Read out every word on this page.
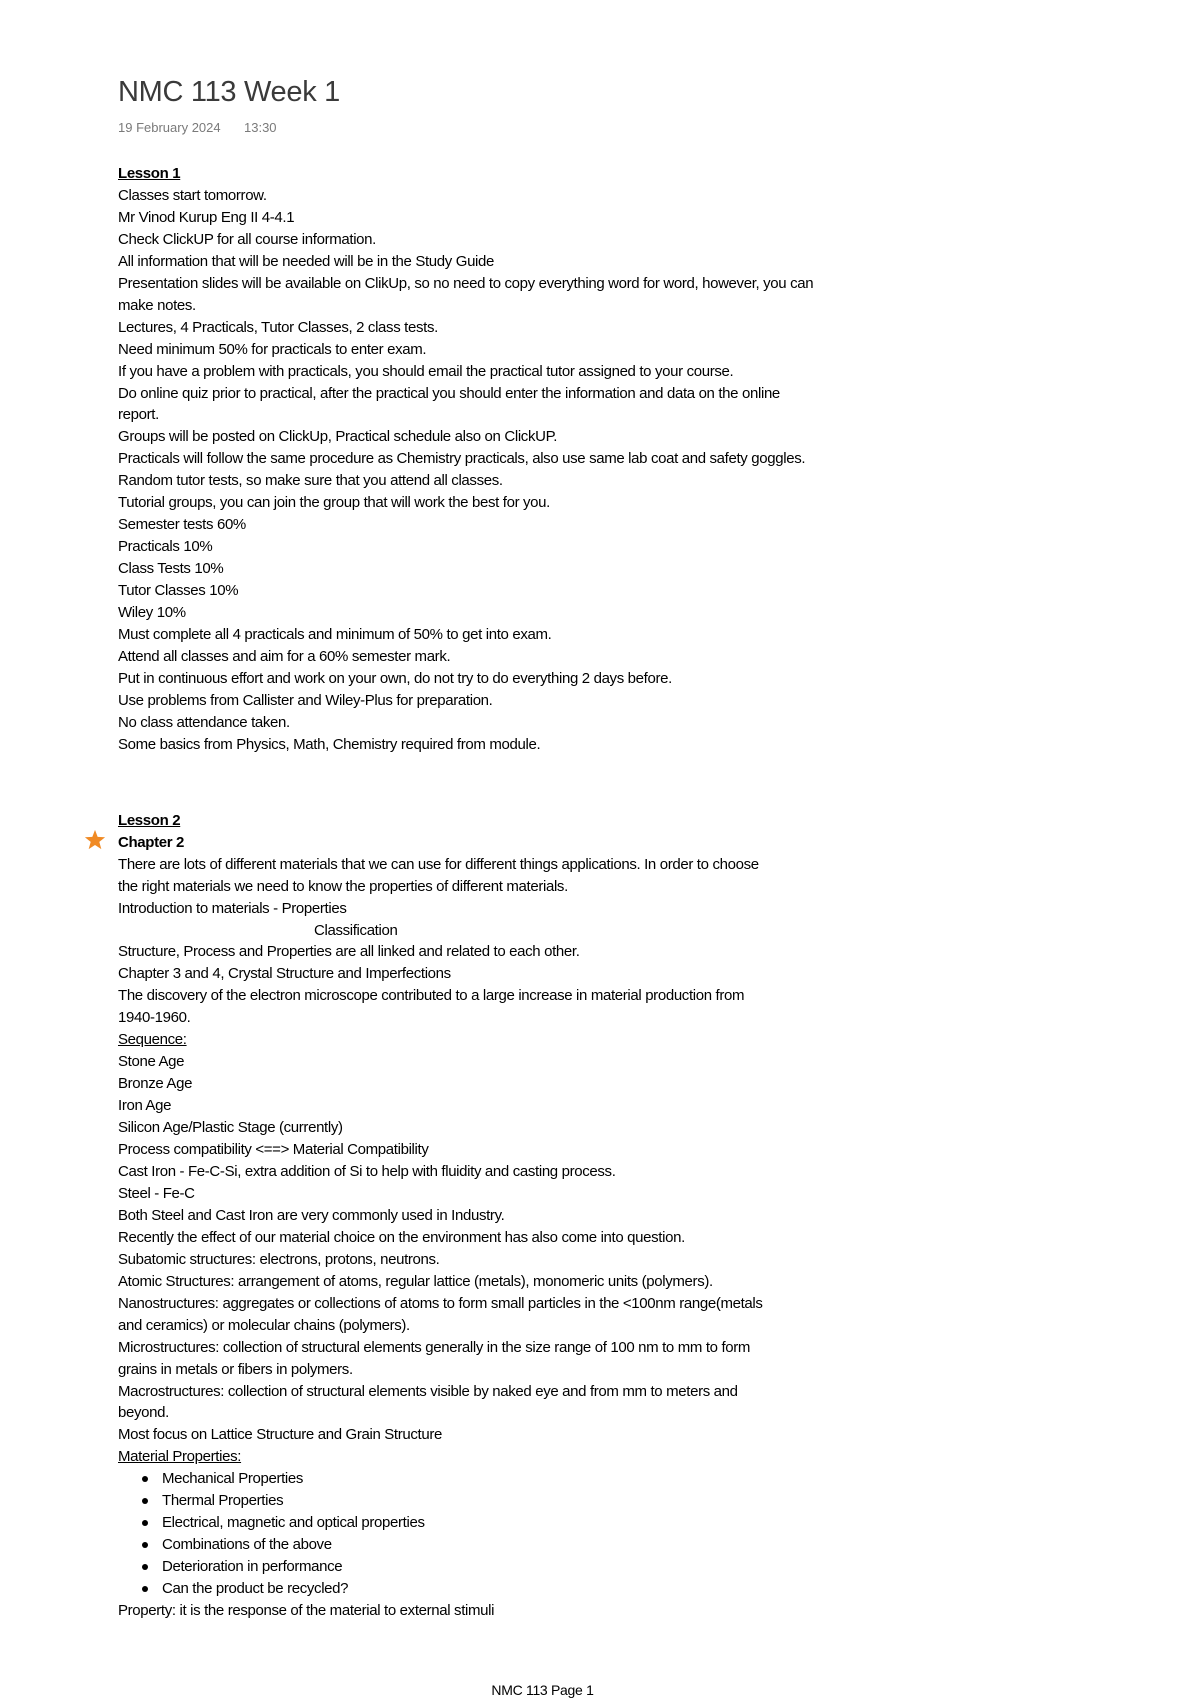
NMC 113 Week 1
19 February 2024 13:30
Lesson 1
Classes start tomorrow.
Mr Vinod Kurup Eng II 4-4.1
Check ClickUP for all course information.
All information that will be needed will be in the Study Guide
Presentation slides will be available on ClikUp, so no need to copy everything word for word, however, you can
make notes.
Lectures, 4 Practicals, Tutor Classes, 2 class tests.
Need minimum 50% for practicals to enter exam.
If you have a problem with practicals, you should email the practical tutor assigned to your course.
Do online quiz prior to practical, after the practical you should enter the information and data on the online
report.
Groups will be posted on ClickUp, Practical schedule also on ClickUP.
Practicals will follow the same procedure as Chemistry practicals, also use same lab coat and safety goggles.
Random tutor tests, so make sure that you attend all classes.
Tutorial groups, you can join the group that will work the best for you.
Semester tests 60%
Practicals 10%
Class Tests 10%
Tutor Classes 10%
Wiley 10%
Must complete all 4 practicals and minimum of 50% to get into exam.
Attend all classes and aim for a 60% semester mark.
Put in continuous effort and work on your own, do not try to do everything 2 days before.
Use problems from Callister and Wiley-Plus for preparation.
No class attendance taken.
Some basics from Physics, Math, Chemistry required from module.
Lesson 2
Chapter 2
There are lots of different materials that we can use for different things applications. In order to choose
the right materials we need to know the properties of different materials.
Introduction to materials - Properties
Classification
Structure, Process and Properties are all linked and related to each other.
Chapter 3 and 4, Crystal Structure and Imperfections
The discovery of the electron microscope contributed to a large increase in material production from
1940-1960.
Sequence:
Stone Age
Bronze Age
Iron Age
Silicon Age/Plastic Stage (currently)
Process compatibility <==> Material Compatibility
Cast Iron - Fe-C-Si, extra addition of Si to help with fluidity and casting process.
Steel - Fe-C
Both Steel and Cast Iron are very commonly used in Industry.
Recently the effect of our material choice on the environment has also come into question.
Subatomic structures: electrons, protons, neutrons.
Atomic Structures: arrangement of atoms, regular lattice (metals), monomeric units (polymers).
Nanostructures: aggregates or collections of atoms to form small particles in the <100nm range(metals
and ceramics) or molecular chains (polymers).
Microstructures: collection of structural elements generally in the size range of 100 nm to mm to form
grains in metals or fibers in polymers.
Macrostructures: collection of structural elements visible by naked eye and from mm to meters and
beyond.
Most focus on Lattice Structure and Grain Structure
Material Properties:
Mechanical Properties
Thermal Properties
Electrical, magnetic and optical properties
Combinations of the above
Deterioration in performance
Can the product be recycled?
Property: it is the response of the material to external stimuli
NMC 113 Page 1
